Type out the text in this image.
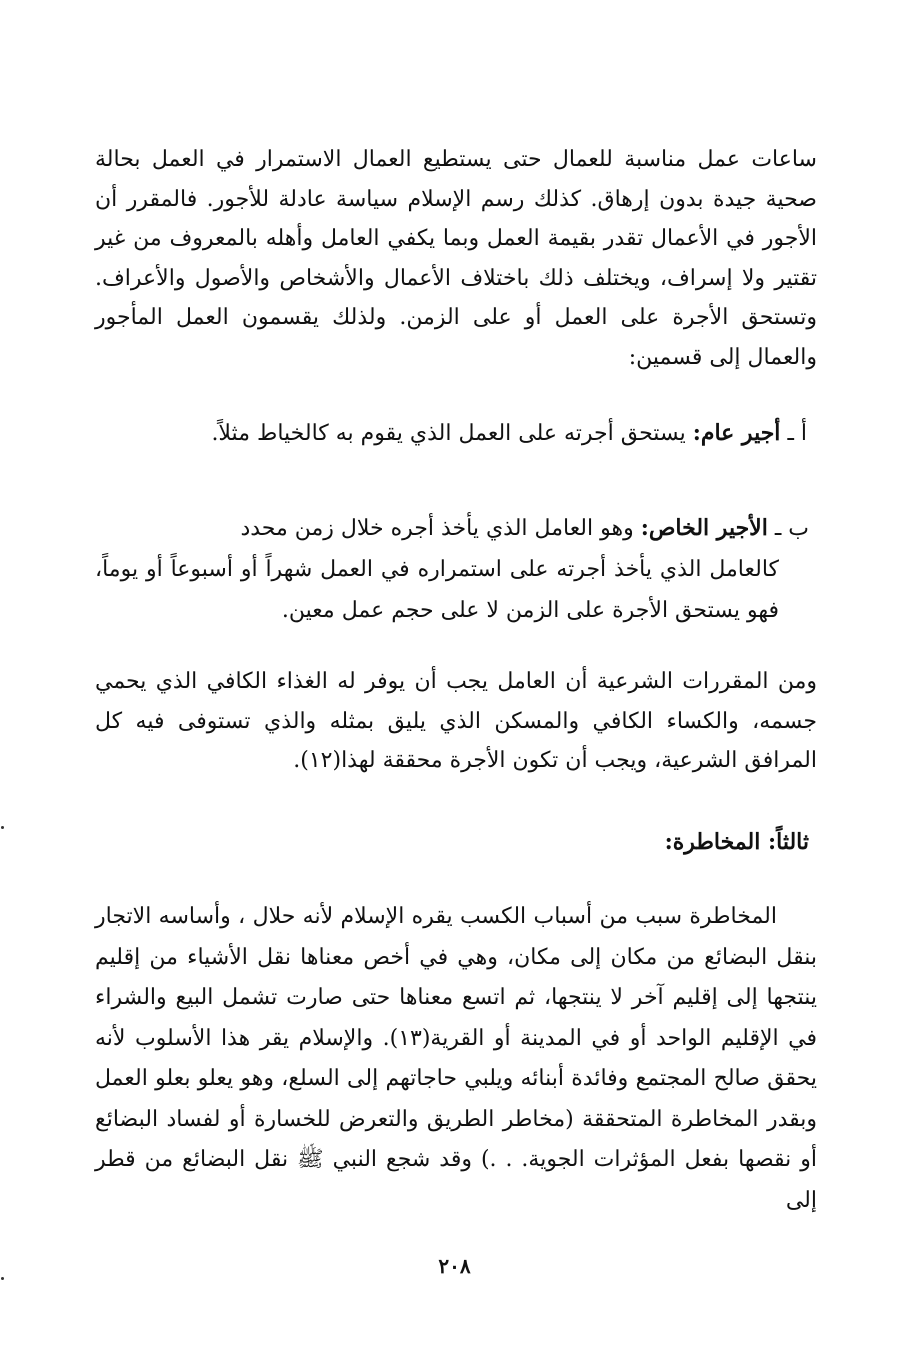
ساعات عمل مناسبة للعمال حتى يستطيع العمال الاستمرار في العمل بحالة صحية جيدة بدون إرهاق. كذلك رسم الإسلام سياسة عادلة للأجور. فالمقرر أن الأجور في الأعمال تقدر بقيمة العمل وبما يكفي العامل وأهله بالمعروف من غير تقتير ولا إسراف، ويختلف ذلك باختلاف الأعمال والأشخاص والأصول والأعراف. وتستحق الأجرة على العمل أو على الزمن. ولذلك يقسمون العمل المأجور والعمال إلى قسمين:

أ ـ أجير عام: يستحق أجرته على العمل الذي يقوم به كالخياط مثلاً.
ب ـ الأجير الخاص: وهو العامل الذي يأخذ أجره خلال زمن محدد
كالعامل الذي يأخذ أجرته على استمراره في العمل شهراً أو أسبوعاً أو يوماً، فهو يستحق الأجرة على الزمن لا على حجم عمل معين.

ومن المقررات الشرعية أن العامل يجب أن يوفر له الغذاء الكافي الذي يحمي جسمه، والكساء الكافي والمسكن الذي يليق بمثله والذي تستوفى فيه كل المرافق الشرعية، ويجب أن تكون الأجرة محققة لهذا(١٢).

ثالثاً: المخاطرة:

المخاطرة سبب من أسباب الكسب يقره الإسلام لأنه حلال ، وأساسه الاتجار بنقل البضائع من مكان إلى مكان، وهي في أخص معناها نقل الأشياء من إقليم ينتجها إلى إقليم آخر لا ينتجها، ثم اتسع معناها حتى صارت تشمل البيع والشراء في الإقليم الواحد أو في المدينة أو القرية(١٣). والإسلام يقر هذا الأسلوب لأنه يحقق صالح المجتمع وفائدة أبنائه ويلبي حاجاتهم إلى السلع، وهو يعلو بعلو العمل وبقدر المخاطرة المتحققة (مخاطر الطريق والتعرض للخسارة أو لفساد البضائع أو نقصها بفعل المؤثرات الجوية. . .) وقد شجع النبي ﷺ نقل البضائع من قطر إلى

٢٠٨
